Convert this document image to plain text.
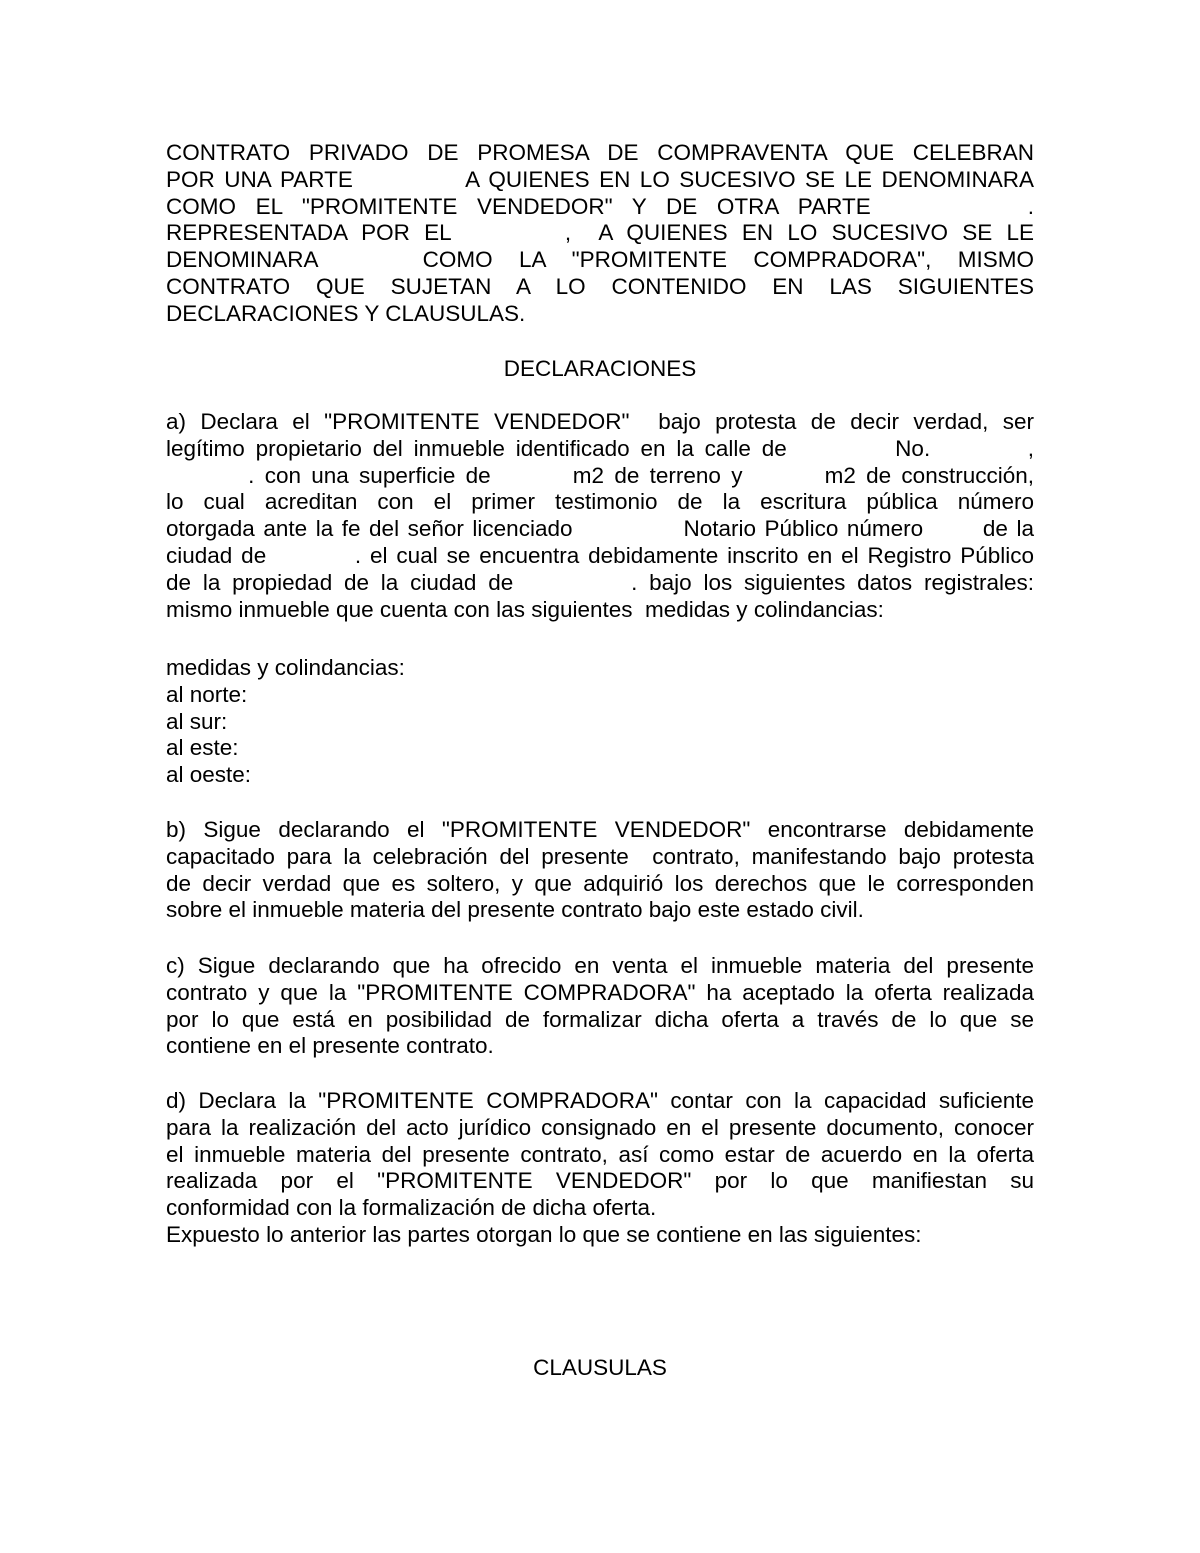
CONTRATO PRIVADO DE PROMESA DE COMPRAVENTA QUE CELEBRAN
POR UNA PARTE            A QUIENES EN LO SUCESIVO SE LE DENOMINARA
COMO EL "PROMITENTE VENDEDOR" Y DE OTRA PARTE        .
REPRESENTADA POR EL        ,  A QUIENES EN LO SUCESIVO SE LE
DENOMINARA    COMO LA "PROMITENTE COMPRADORA", MISMO
CONTRATO QUE SUJETAN A LO CONTENIDO EN LAS SIGUIENTES
DECLARACIONES Y CLAUSULAS.
DECLARACIONES
a) Declara el "PROMITENTE VENDEDOR"  bajo protesta de decir verdad, ser
legítimo propietario del inmueble identificado en la calle de          No.         ,
. con una superficie de        m2 de terreno y        m2 de construcción,
lo cual acreditan con el primer testimonio de la escritura pública número
otorgada ante la fe del señor licenciado             Notario Público número       de la
ciudad de          . el cual se encuentra debidamente inscrito en el Registro Público
de la propiedad de la ciudad de          . bajo los siguientes datos registrales:
mismo inmueble que cuenta con las siguientes  medidas y colindancias:
medidas y colindancias:
al norte:
al sur:
al este:
al oeste:
b) Sigue declarando el "PROMITENTE VENDEDOR" encontrarse debidamente
capacitado para la celebración del presente  contrato, manifestando bajo protesta
de decir verdad que es soltero, y que adquirió los derechos que le corresponden
sobre el inmueble materia del presente contrato bajo este estado civil.
c) Sigue declarando que ha ofrecido en venta el inmueble materia del presente
contrato y que la "PROMITENTE COMPRADORA" ha aceptado la oferta realizada
por lo que está en posibilidad de formalizar dicha oferta a través de lo que se
contiene en el presente contrato.
d) Declara la "PROMITENTE COMPRADORA" contar con la capacidad suficiente
para la realización del acto jurídico consignado en el presente documento, conocer
el inmueble materia del presente contrato, así como estar de acuerdo en la oferta
realizada por el "PROMITENTE VENDEDOR" por lo que manifiestan su
conformidad con la formalización de dicha oferta.
Expuesto lo anterior las partes otorgan lo que se contiene en las siguientes:
CLAUSULAS
